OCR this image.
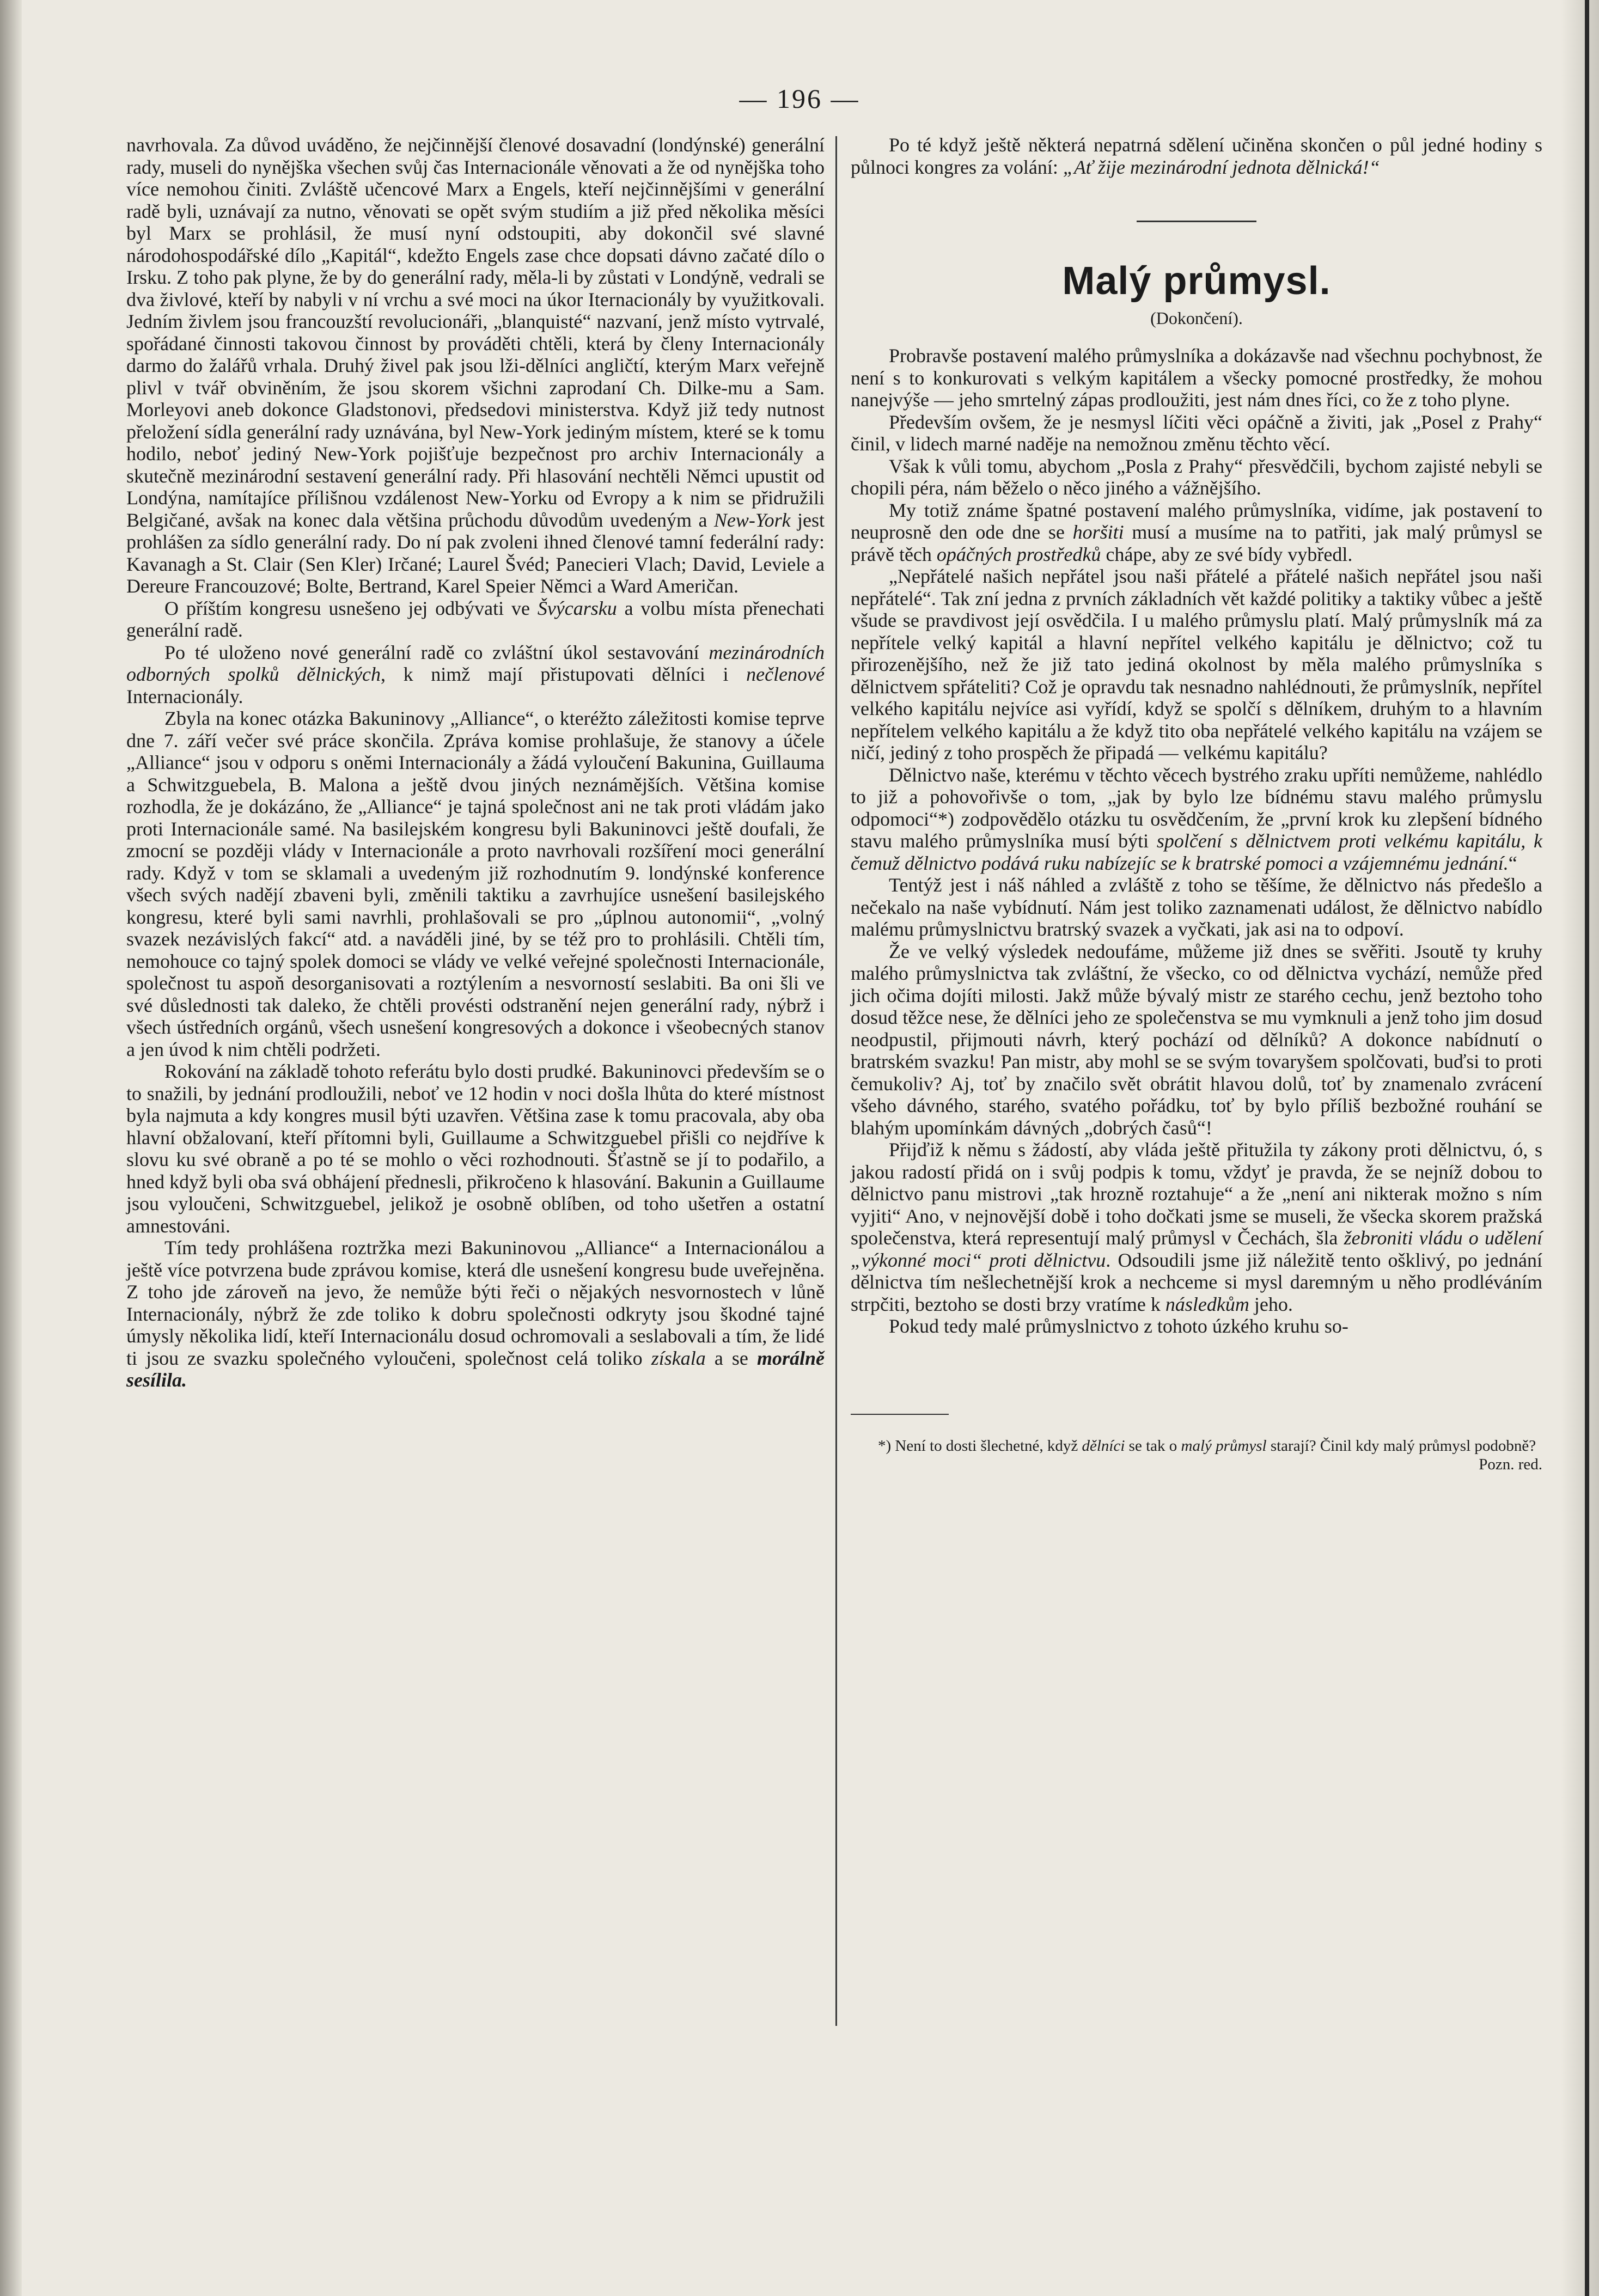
— 196 —

navrhovala. Za důvod uváděno, že nejčinnější členové dosavadní (londýnské) generální rady, museli do nynějška všechen svůj čas Internacionále věnovati a že od nynějška toho více nemohou činiti. Zvláště učencové Marx a Engels, kteří nejčinnějšími v generální radě byli, uznávají za nutno, věnovati se opět svým studiím a již před několika měsíci byl Marx se prohlásil, že musí nyní odstoupiti, aby dokončil své slavné národohospodářské dílo „Kapitál“, kdežto Engels zase chce dopsati dávno začaté dílo o Irsku. Z toho pak plyne, že by do generální rady, měla-li by zůstati v Londýně, vedrali se dva živlové, kteří by nabyli v ní vrchu a své moci na úkor Iternacionály by využitkovali. Jedním živlem jsou francouzští revolucionáři, „blanquisté“ nazvaní, jenž místo vytrvalé, spořádané činnosti takovou činnost by prováděti chtěli, která by členy Internacionály darmo do žalářů vrhala. Druhý živel pak jsou lži-dělníci angličtí, kterým Marx veřejně plivl v tvář obviněním, že jsou skorem všichni zaprodaní Ch. Dilke-mu a Sam. Morleyovi aneb dokonce Gladstonovi, předsedovi ministerstva. Když již tedy nutnost přeložení sídla generální rady uznávána, byl New-York jediným místem, které se k tomu hodilo, neboť jediný New-York pojišťuje bezpečnost pro archiv Internacionály a skutečně mezinárodní sestavení generální rady. Při hlasování nechtěli Němci upustit od Londýna, namítajíce přílišnou vzdálenost New-Yorku od Evropy a k nim se přidružili Belgičané, avšak na konec dala většina průchodu důvodům uvedeným a New-York jest prohlášen za sídlo generální rady. Do ní pak zvoleni ihned členové tamní federální rady: Kavanagh a St. Clair (Sen Kler) Irčané; Laurel Švéd; Panecieri Vlach; David, Leviele a Dereure Francouzové; Bolte, Bertrand, Karel Speier Němci a Ward Američan.

O příštím kongresu usnešeno jej odbývati ve Švýcarsku a volbu místa přenechati generální radě.

Po té uloženo nové generální radě co zvláštní úkol sestavování mezinárodních odborných spolků dělnických, k nimž mají přistupovati dělníci i nečlenové Internacionály.

Zbyla na konec otázka Bakuninovy „Alliance“, o kteréžto záležitosti komise teprve dne 7. září večer své práce skončila. Zpráva komise prohlašuje, že stanovy a účele „Alliance“ jsou v odporu s oněmi Internacionály a žádá vyloučení Bakunina, Guillauma a Schwitzguebela, B. Malona a ještě dvou jiných neznámějších. Většina komise rozhodla, že je dokázáno, že „Alliance“ je tajná společnost ani ne tak proti vládám jako proti Internacionále samé. Na basilejském kongresu byli Bakuninovci ještě doufali, že zmocní se později vlády v Internacionále a proto navrhovali rozšíření moci generální rady. Když v tom se sklamali a uvedeným již rozhodnutím 9. londýnské konference všech svých nadějí zbaveni byli, změnili taktiku a zavrhujíce usnešení basilejského kongresu, které byli sami navrhli, prohlašovali se pro „úplnou autonomii“, „volný svazek nezávislých fakcí“ atd. a naváděli jiné, by se též pro to prohlásili. Chtěli tím, nemohouce co tajný spolek domoci se vlády ve velké veřejné společnosti Internacionále, společnost tu aspoň desorganisovati a roztýlením a nesvorností seslabiti. Ba oni šli ve své důslednosti tak daleko, že chtěli provésti odstranění nejen generální rady, nýbrž i všech ústředních orgánů, všech usnešení kongresových a dokonce i všeobecných stanov a jen úvod k nim chtěli podržeti.

Rokování na základě tohoto referátu bylo dosti prudké. Bakuninovci především se o to snažili, by jednání prodloužili, neboť ve 12 hodin v noci došla lhůta do které místnost byla najmuta a kdy kongres musil býti uzavřen. Většina zase k tomu pracovala, aby oba hlavní obžalovaní, kteří přítomni byli, Guillaume a Schwitzguebel přišli co nejdříve k slovu ku své obraně a po té se mohlo o věci rozhodnouti. Šťastně se jí to podařilo, a hned když byli oba svá obhájení přednesli, přikročeno k hlasování. Bakunin a Guillaume jsou vyloučeni, Schwitzguebel, jelikož je osobně oblíben, od toho ušetřen a ostatní amnestováni.

Tím tedy prohlášena roztržka mezi Bakuninovou „Alliance“ a Internacionálou a ještě více potvrzena bude zprávou komise, která dle usnešení kongresu bude uveřejněna. Z toho jde zároveň na jevo, že nemůže býti řeči o nějakých nesvornostech v lůně Internacionály, nýbrž že zde toliko k dobru společnosti odkryty jsou škodné tajné úmysly několika lidí, kteří Internacionálu dosud ochromovali a seslabovali a tím, že lidé ti jsou ze svazku společného vyloučeni, společnost celá toliko získala a se morálně sesílila.

Po té když ještě některá nepatrná sdělení učiněna skončen o půl jedné hodiny s půlnoci kongres za volání: „Ať žije mezinárodní jednota dělnická!“

Malý průmysl.
(Dokončení).

Probravše postavení malého průmyslníka a dokázavše nad všechnu pochybnost, že není s to konkurovati s velkým kapitálem a všecky pomocné prostředky, že mohou nanejvýše — jeho smrtelný zápas prodloužiti, jest nám dnes říci, co že z toho plyne.

Především ovšem, že je nesmysl líčiti věci opáčně a živiti, jak „Posel z Prahy“ činil, v lidech marné naděje na nemožnou změnu těchto věcí.

Však k vůli tomu, abychom „Posla z Prahy“ přesvědčili, bychom zajisté nebyli se chopili péra, nám běželo o něco jiného a vážnějšího.

My totiž známe špatné postavení malého průmyslníka, vidíme, jak postavení to neuprosně den ode dne se horšiti musí a musíme na to patřiti, jak malý průmysl se právě těch opáčných prostředků chápe, aby ze své bídy vybředl.

„Nepřátelé našich nepřátel jsou naši přátelé a přátelé našich nepřátel jsou naši nepřátelé“. Tak zní jedna z prvních základních vět každé politiky a taktiky vůbec a ještě všude se pravdivost její osvědčila. I u malého průmyslu platí. Malý průmyslník má za nepřítele velký kapitál a hlavní nepřítel velkého kapitálu je dělnictvo; což tu přirozenějšího, než že již tato jediná okolnost by měla malého průmyslníka s dělnictvem spřáteliti? Což je opravdu tak nesnadno nahlédnouti, že průmyslník, nepřítel velkého kapitálu nejvíce asi vyřídí, když se spolčí s dělníkem, druhým to a hlavním nepřítelem velkého kapitálu a že když tito oba nepřátelé velkého kapitálu na vzájem se ničí, jediný z toho prospěch že připadá — velkému kapitálu?

Dělnictvo naše, kterému v těchto věcech bystrého zraku upříti nemůžeme, nahlédlo to již a pohovořivše o tom, „jak by bylo lze bídnému stavu malého průmyslu odpomoci“*) zodpovědělo otázku tu osvědčením, že „první krok ku zlepšení bídného stavu malého průmyslníka musí býti spolčení s dělnictvem proti velkému kapitálu, k čemuž dělnictvo podává ruku nabízejíc se k bratrské pomoci a vzájemnému jednání.“

Tentýž jest i náš náhled a zvláště z toho se těšíme, že dělnictvo nás předešlo a nečekalo na naše vybídnutí. Nám jest toliko zaznamenati událost, že dělnictvo nabídlo malému průmyslnictvu bratrský svazek a vyčkati, jak asi na to odpoví.

Že ve velký výsledek nedoufáme, můžeme již dnes se svěřiti. Jsoutě ty kruhy malého průmyslnictva tak zvláštní, že všecko, co od dělnictva vychází, nemůže před jich očima dojíti milosti. Jakž může bývalý mistr ze starého cechu, jenž beztoho toho dosud těžce nese, že dělníci jeho ze společenstva se mu vymknuli a jenž toho jim dosud neodpustil, přijmouti návrh, který pochází od dělníků? A dokonce nabídnutí o bratrském svazku! Pan mistr, aby mohl se se svým tovaryšem spolčovati, buďsi to proti čemukoliv? Aj, toť by značilo svět obrátit hlavou dolů, toť by znamenalo zvrácení všeho dávného, starého, svatého pořádku, toť by bylo příliš bezbožné rouhání se blahým upomínkám dávných „dobrých časů“!

Přijďiž k němu s žádostí, aby vláda ještě přitužila ty zákony proti dělnictvu, ó, s jakou radostí přidá on i svůj podpis k tomu, vždyť je pravda, že se nejníž dobou to dělnictvo panu mistrovi „tak hrozně roztahuje“ a že „není ani nikterak možno s ním vyjiti“ Ano, v nejnovější době i toho dočkati jsme se museli, že všecka skorem pražská společenstva, která representují malý průmysl v Čechách, šla žebroniti vládu o udělení „výkonné moci“ proti dělnictvu. Odsoudili jsme již náležitě tento ošklivý, po jednání dělnictva tím nešlechetnější krok a nechceme si mysl daremným u něho prodléváním strpčiti, beztoho se dosti brzy vratíme k následkům jeho.

Pokud tedy malé průmyslnictvo z tohoto úzkého kruhu so-

*) Není to dosti šlechetné, když dělníci se tak o malý průmysl starají? Činil kdy malý průmysl podobně?

Pozn. red.
